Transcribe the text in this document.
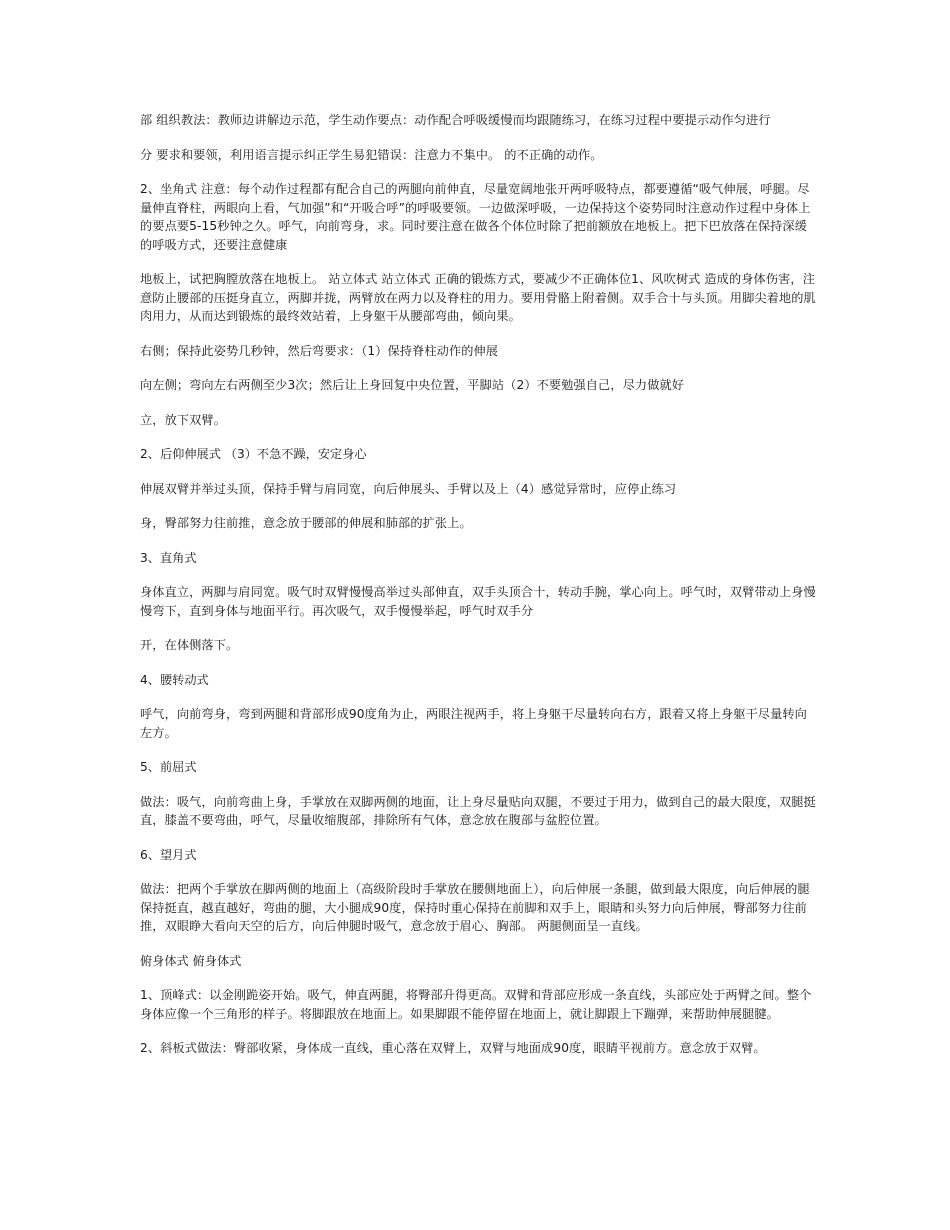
部 组织教法：教师边讲解边示范，学生动作要点：动作配合呼吸缓慢而均跟随练习，在练习过程中要提示动作匀进行

分 要求和要领，利用语言提示纠正学生易犯错误：注意力不集中。 的不正确的动作。

2、坐角式 注意：每个动作过程都有配合自己的两腿向前伸直，尽量宽阔地张开两呼吸特点，都要遵循“吸气伸展，呼腿。尽量伸直脊柱，两眼向上看，气加强”和“开吸合呼”的呼吸要领。一边做深呼吸，一边保持这个姿势同时注意动作过程中身体上的要点要5-15秒钟之久。呼气，向前弯身，求。同时要注意在做各个体位时除了把前额放在地板上。把下巴放落在保持深缓的呼吸方式，还要注意健康

地板上，试把胸膛放落在地板上。 站立体式 站立体式 正确的锻炼方式，要减少不正确体位1、风吹树式 造成的身体伤害，注意防止腰部的压挺身直立，两脚并拢，两臂放在两力以及脊柱的用力。要用骨骼上附着侧。双手合十与头顶。用脚尖着地的肌肉用力，从而达到锻炼的最终效站着，上身躯干从腰部弯曲，倾向果。

右侧；保持此姿势几秒钟，然后弯要求：（1）保持脊柱动作的伸展

向左侧；弯向左右两侧至少3次；然后让上身回复中央位置，平脚站（2）不要勉强自己，尽力做就好

立，放下双臂。

2、后仰伸展式 （3）不急不躁，安定身心

伸展双臂并举过头顶，保持手臂与肩同宽，向后伸展头、手臂以及上（4）感觉异常时，应停止练习

身，臀部努力往前推，意念放于腰部的伸展和肺部的扩张上。

3、直角式

身体直立，两脚与肩同宽。吸气时双臂慢慢高举过头部伸直，双手头顶合十，转动手腕，掌心向上。呼气时，双臂带动上身慢慢弯下，直到身体与地面平行。再次吸气，双手慢慢举起，呼气时双手分

开，在体侧落下。

4、腰转动式

呼气，向前弯身，弯到两腿和背部形成90度角为止，两眼注视两手，将上身躯干尽量转向右方，跟着又将上身躯干尽量转向左方。

5、前屈式

做法：吸气，向前弯曲上身，手掌放在双脚两侧的地面，让上身尽量贴向双腿，不要过于用力，做到自己的最大限度，双腿挺直，膝盖不要弯曲，呼气，尽量收缩腹部，排除所有气体，意念放在腹部与盆腔位置。

6、望月式

做法：把两个手掌放在脚两侧的地面上（高级阶段时手掌放在腰侧地面上），向后伸展一条腿，做到最大限度，向后伸展的腿保持挺直，越直越好，弯曲的腿，大小腿成90度，保持时重心保持在前脚和双手上，眼睛和头努力向后伸展，臀部努力往前推，双眼睁大看向天空的后方，向后伸腿时吸气，意念放于眉心、胸部。 两腿侧面呈一直线。

俯身体式 俯身体式

1、顶峰式：以金刚跪姿开始。吸气，伸直两腿，将臀部升得更高。双臂和背部应形成一条直线，头部应处于两臂之间。整个身体应像一个三角形的样子。将脚跟放在地面上。如果脚跟不能停留在地面上，就让脚跟上下蹦弹，来帮助伸展腿腱。

2、斜板式做法：臀部收紧，身体成一直线，重心落在双臂上，双臂与地面成90度，眼睛平视前方。意念放于双臂。
